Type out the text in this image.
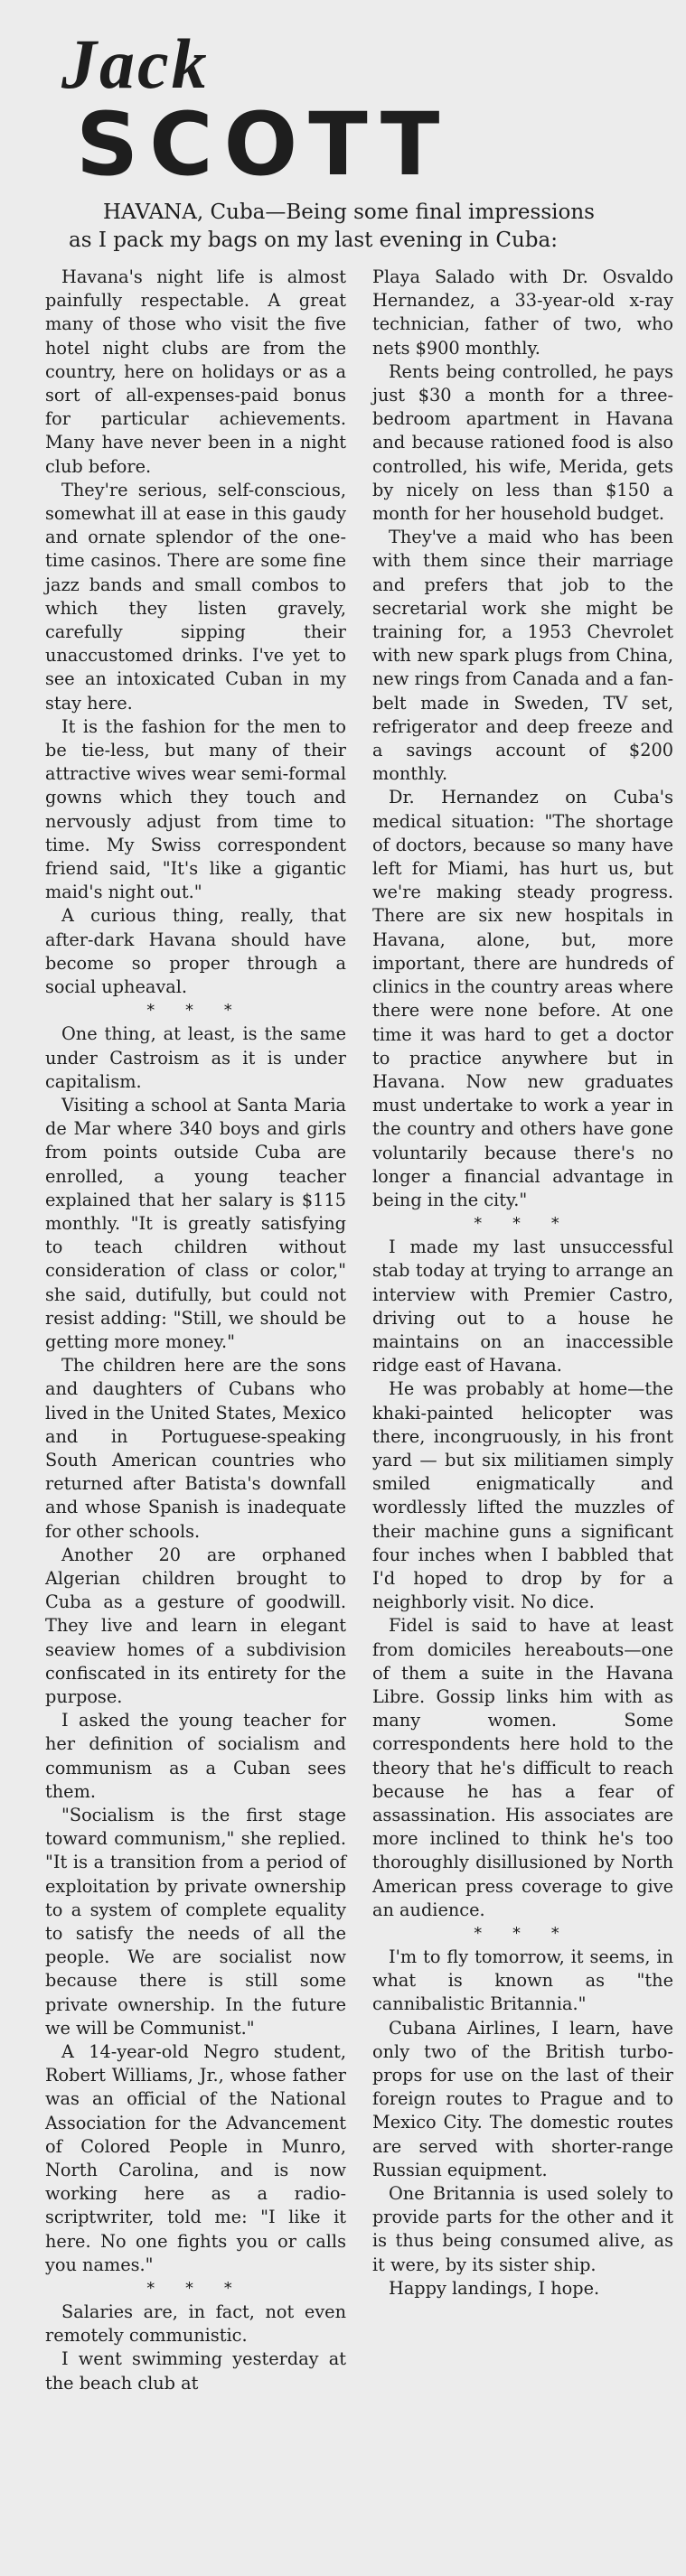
Jack
SCOTT
HAVANA, Cuba—Being some final impressions
as I pack my bags on my last evening in Cuba:

Havana's night life is almost painfully respectable. A great many of those who visit the five hotel night clubs are from the country, here on holidays or as a sort of all-expenses-paid bonus for particular achievements. Many have never been in a night club before.

They're serious, self-conscious, somewhat ill at ease in this gaudy and ornate splendor of the one-time casinos. There are some fine jazz bands and small combos to which they listen gravely, carefully sipping their unaccustomed drinks. I've yet to see an intoxicated Cuban in my stay here.

It is the fashion for the men to be tie-less, but many of their attractive wives wear semi-formal gowns which they touch and nervously adjust from time to time. My Swiss correspondent friend said, "It's like a gigantic maid's night out."

A curious thing, really, that after-dark Havana should have become so proper through a social upheaval.

* * *

One thing, at least, is the same under Castroism as it is under capitalism.

Visiting a school at Santa Maria de Mar where 340 boys and girls from points outside Cuba are enrolled, a young teacher explained that her salary is $115 monthly. "It is greatly satisfying to teach children without consideration of class or color," she said, dutifully, but could not resist adding: "Still, we should be getting more money."

The children here are the sons and daughters of Cubans who lived in the United States, Mexico and in Portuguese-speaking South American countries who returned after Batista's downfall and whose Spanish is inadequate for other schools.

Another 20 are orphaned Algerian children brought to Cuba as a gesture of goodwill. They live and learn in elegant seaview homes of a subdivision confiscated in its entirety for the purpose.

I asked the young teacher for her definition of socialism and communism as a Cuban sees them.

"Socialism is the first stage toward communism," she replied. "It is a transition from a period of exploitation by private ownership to a system of complete equality to satisfy the needs of all the people. We are socialist now because there is still some private ownership. In the future we will be Communist."

A 14-year-old Negro student, Robert Williams, Jr., whose father was an official of the National Association for the Advancement of Colored People in Munro, North Carolina, and is now working here as a radio-scriptwriter, told me: "I like it here. No one fights you or calls you names."

* * *

Salaries are, in fact, not even remotely communistic.

I went swimming yesterday at the beach club at

Playa Salado with Dr. Osvaldo Hernandez, a 33-year-old x-ray technician, father of two, who nets $900 monthly.

Rents being controlled, he pays just $30 a month for a three-bedroom apartment in Havana and because rationed food is also controlled, his wife, Merida, gets by nicely on less than $150 a month for her household budget.

They've a maid who has been with them since their marriage and prefers that job to the secretarial work she might be training for, a 1953 Chevrolet with new spark plugs from China, new rings from Canada and a fan-belt made in Sweden, TV set, refrigerator and deep freeze and a savings account of $200 monthly.

Dr. Hernandez on Cuba's medical situation: "The shortage of doctors, because so many have left for Miami, has hurt us, but we're making steady progress. There are six new hospitals in Havana, alone, but, more important, there are hundreds of clinics in the country areas where there were none before. At one time it was hard to get a doctor to practice anywhere but in Havana. Now new graduates must undertake to work a year in the country and others have gone voluntarily because there's no longer a financial advantage in being in the city."

* * *

I made my last unsuccessful stab today at trying to arrange an interview with Premier Castro, driving out to a house he maintains on an inaccessible ridge east of Havana.

He was probably at home—the khaki-painted helicopter was there, incongruously, in his front yard — but six militiamen simply smiled enigmatically and wordlessly lifted the muzzles of their machine guns a significant four inches when I babbled that I'd hoped to drop by for a neighborly visit. No dice.

Fidel is said to have at least from domiciles hereabouts—one of them a suite in the Havana Libre. Gossip links him with as many women. Some correspondents here hold to the theory that he's difficult to reach because he has a fear of assassination. His associates are more inclined to think he's too thoroughly disillusioned by North American press coverage to give an audience.

* * *

I'm to fly tomorrow, it seems, in what is known as "the cannibalistic Britannia."

Cubana Airlines, I learn, have only two of the British turbo-props for use on the last of their foreign routes to Prague and to Mexico City. The domestic routes are served with shorter-range Russian equipment.

One Britannia is used solely to provide parts for the other and it is thus being consumed alive, as it were, by its sister ship.

Happy landings, I hope.
